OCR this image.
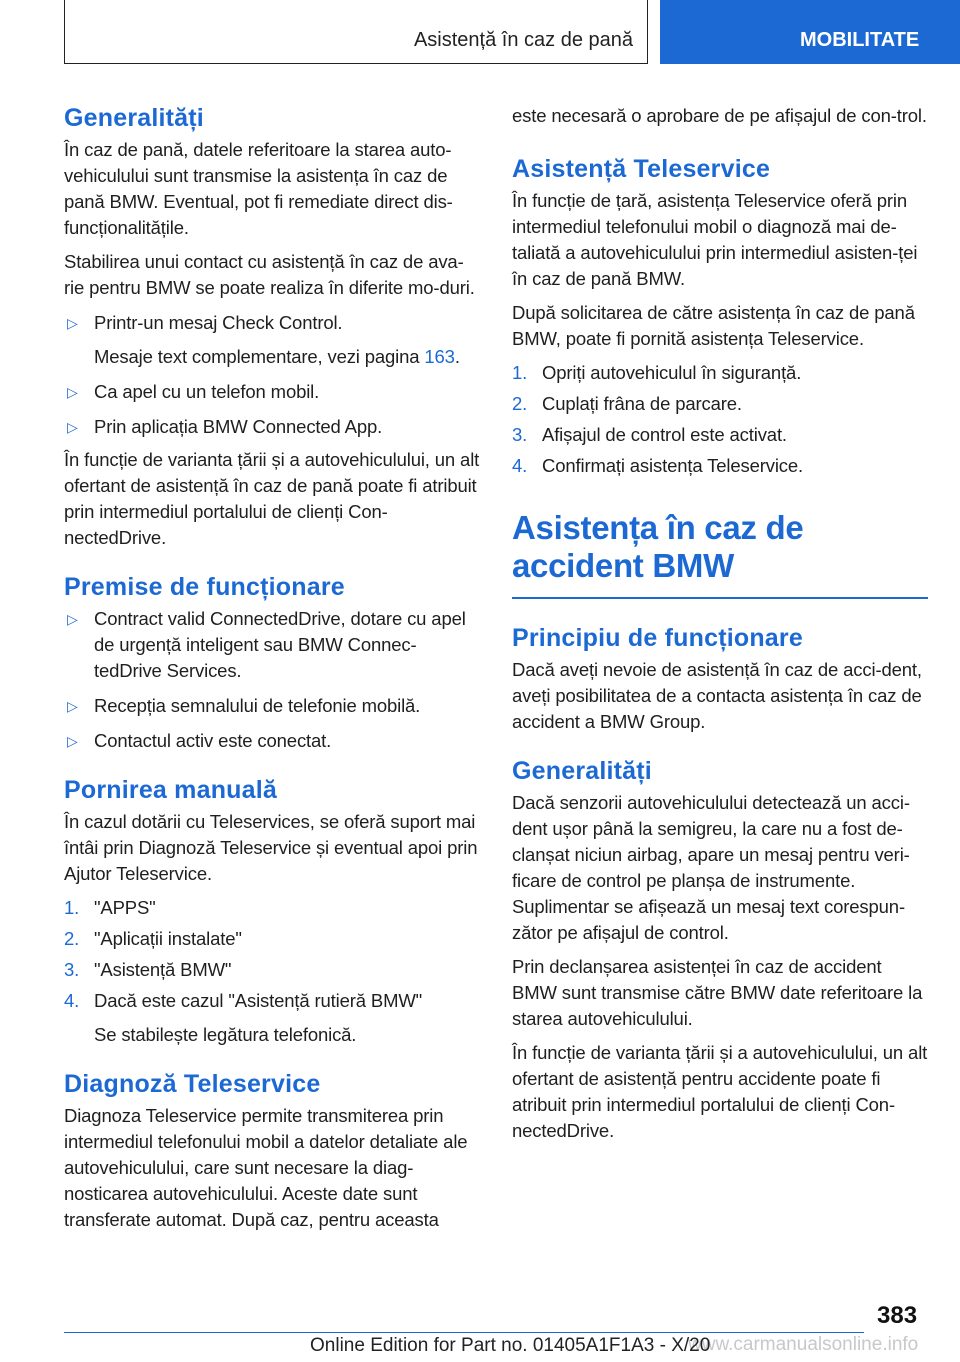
Asistență în caz de pană	MOBILITATE
Generalități

În caz de pană, datele referitoare la starea auto-vehiculului sunt transmise la asistența în caz de pană BMW. Eventual, pot fi remediate direct dis-funcționalitățile.

Stabilirea unui contact cu asistență în caz de ava-rie pentru BMW se poate realiza în diferite mo-duri.

▷ Printr-un mesaj Check Control.
Mesaje text complementare, vezi pagina 163.
▷ Ca apel cu un telefon mobil.
▷ Prin aplicația BMW Connected App.

În funcție de varianta țării și a autovehiculului, un alt ofertant de asistență în caz de pană poate fi atribuit prin intermediul portalului de clienți Con-nectedDrive.

Premise de funcționare
▷ Contract valid ConnectedDrive, dotare cu apel de urgență inteligent sau BMW Connec-tedDrive Services.
▷ Recepția semnalului de telefonie mobilă.
▷ Contactul activ este conectat.
Pornirea manuală

În cazul dotării cu Teleservices, se oferă suport mai întâi prin Diagnoză Teleservice și eventual apoi prin Ajutor Teleservice.

1. "APPS"
2. "Aplicații instalate"
3. "Asistență BMW"
4. Dacă este cazul "Asistență rutieră BMW"
Se stabilește legătura telefonică.
Diagnoză Teleservice

Diagnoza Teleservice permite transmiterea prin intermediul telefonului mobil a datelor detaliate ale autovehiculului, care sunt necesare la diag-nosticarea autovehiculului. Aceste date sunt transferate automat. După caz, pentru aceasta

este necesară o aprobare de pe afișajul de con-trol.

Asistență Teleservice

În funcție de țară, asistența Teleservice oferă prin intermediul telefonului mobil o diagnoză mai de-taliată a autovehiculului prin intermediul asisten-ței în caz de pană BMW.

După solicitarea de către asistența în caz de pană BMW, poate fi pornită asistența Teleservice.

1. Opriți autovehiculul în siguranță.
2. Cuplați frâna de parcare.
3. Afișajul de control este activat.
4. Confirmați asistența Teleservice.
Asistența în caz de
accident BMW
Principiu de funcționare

Dacă aveți nevoie de asistență în caz de acci-dent, aveți posibilitatea de a contacta asistența în caz de accident a BMW Group.

Generalități

Dacă senzorii autovehiculului detectează un acci-dent ușor până la semigreu, la care nu a fost de-clanșat niciun airbag, apare un mesaj pentru veri-ficare de control pe planșa de instrumente. Suplimentar se afișează un mesaj text corespun-zător pe afișajul de control.

Prin declanșarea asistenței în caz de accident BMW sunt transmise către BMW date referitoare la starea autovehiculului.

În funcție de varianta țării și a autovehiculului, un alt ofertant de asistență pentru accidente poate fi atribuit prin intermediul portalului de clienți Con-nectedDrive.

383
www.carmanualsonline.info
Online Edition for Part no. 01405A1F1A3 - X/20
